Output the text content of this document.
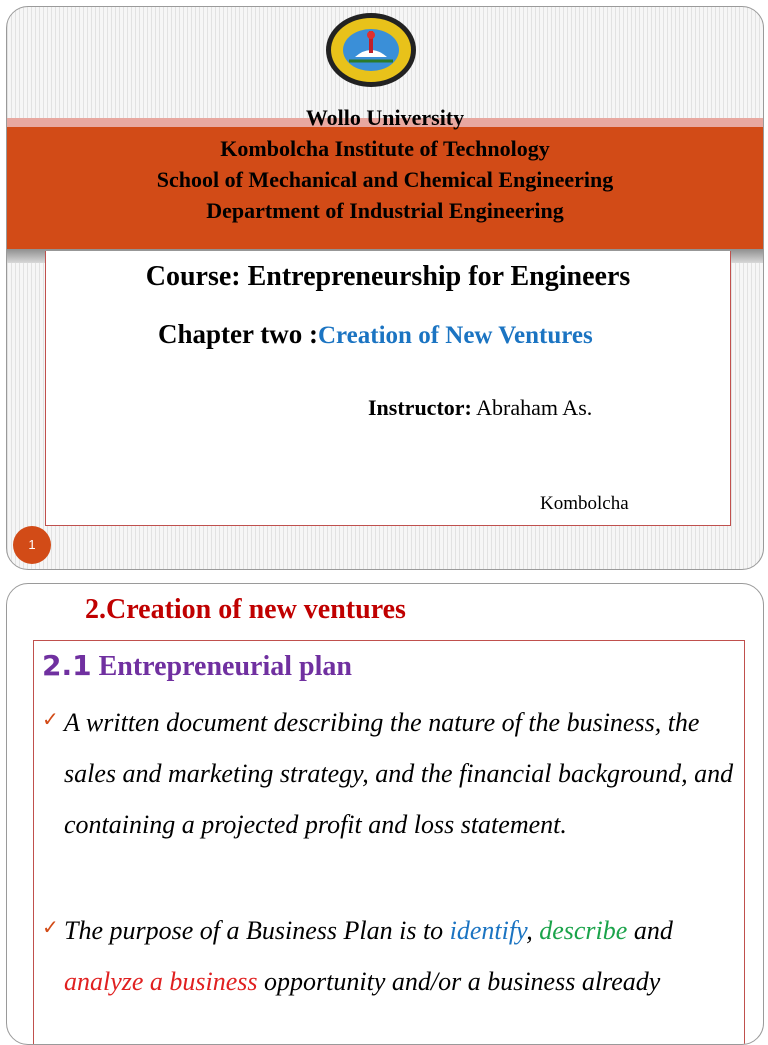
Wollo University
Kombolcha Institute of Technology
School of Mechanical and Chemical Engineering
Department of Industrial Engineering
Course: Entrepreneurship for Engineers
Chapter two :Creation of New Ventures
Instructor: Abraham As.
Kombolcha
1
2.Creation of new ventures
2.1 Entrepreneurial plan
✓ A written document describing the nature of the business, the sales and marketing strategy, and the financial background, and containing a projected profit and loss statement.
✓ The purpose of a Business Plan is to identify, describe and analyze a business opportunity and/or a business already
